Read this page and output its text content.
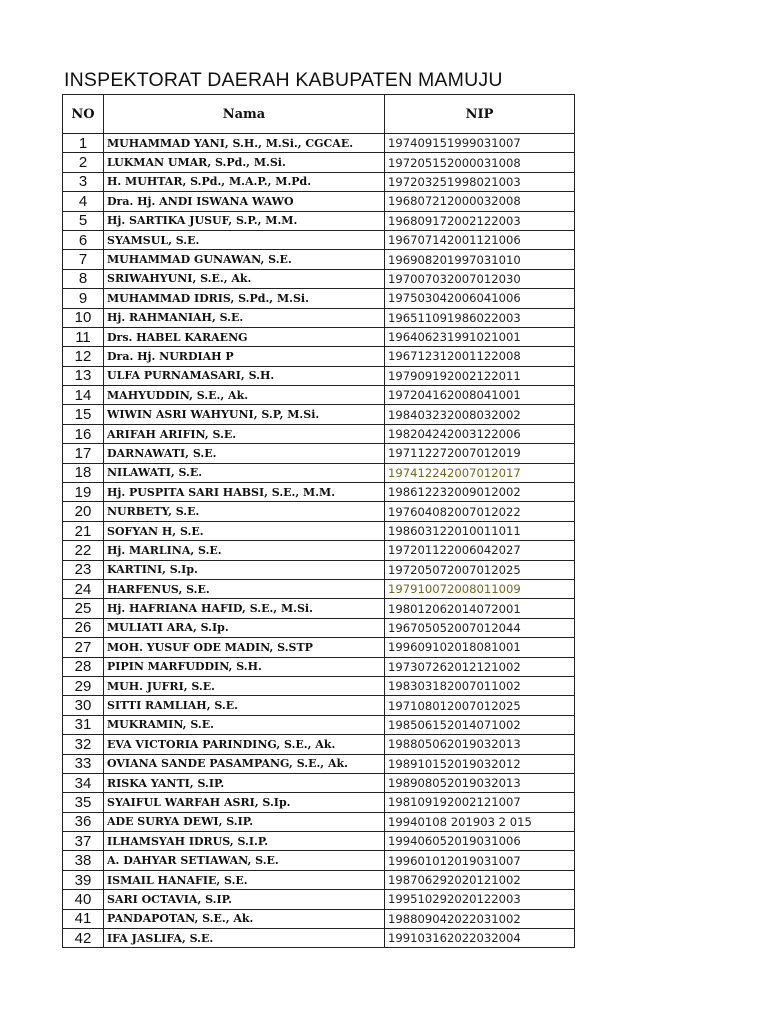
INSPEKTORAT DAERAH KABUPATEN MAMUJU
NO	Nama	NIP
1	MUHAMMAD YANI, S.H., M.Si., CGCAE.	197409151999031007
2	LUKMAN UMAR, S.Pd., M.Si.	197205152000031008
3	H. MUHTAR, S.Pd., M.A.P., M.Pd.	197203251998021003
4	Dra. Hj. ANDI ISWANA WAWO	196807212000032008
5	Hj. SARTIKA JUSUF, S.P., M.M.	196809172002122003
6	SYAMSUL, S.E.	196707142001121006
7	MUHAMMAD GUNAWAN, S.E.	196908201997031010
8	SRIWAHYUNI, S.E., Ak.	197007032007012030
9	MUHAMMAD IDRIS, S.Pd., M.Si.	197503042006041006
10	Hj. RAHMANIAH, S.E.	196511091986022003
11	Drs. HABEL KARAENG	196406231991021001
12	Dra. Hj. NURDIAH P	196712312001122008
13	ULFA PURNAMASARI, S.H.	197909192002122011
14	MAHYUDDIN, S.E., Ak.	197204162008041001
15	WIWIN ASRI WAHYUNI, S.P, M.Si.	198403232008032002
16	ARIFAH ARIFIN, S.E.	198204242003122006
17	DARNAWATI, S.E.	197112272007012019
18	NILAWATI, S.E.	197412242007012017
19	Hj. PUSPITA SARI HABSI, S.E., M.M.	198612232009012002
20	NURBETY, S.E.	197604082007012022
21	SOFYAN H, S.E.	198603122010011011
22	Hj. MARLINA, S.E.	197201122006042027
23	KARTINI, S.Ip.	197205072007012025
24	HARFENUS, S.E.	197910072008011009
25	Hj. HAFRIANA HAFID, S.E., M.Si.	198012062014072001
26	MULIATI ARA, S.Ip.	196705052007012044
27	MOH. YUSUF ODE MADIN, S.STP	199609102018081001
28	PIPIN MARFUDDIN, S.H.	197307262012121002
29	MUH. JUFRI, S.E.	198303182007011002
30	SITTI RAMLIAH, S.E.	197108012007012025
31	MUKRAMIN, S.E.	198506152014071002
32	EVA VICTORIA PARINDING, S.E., Ak.	198805062019032013
33	OVIANA SANDE PASAMPANG, S.E., Ak.	198910152019032012
34	RISKA YANTI, S.IP.	198908052019032013
35	SYAIFUL WARFAH ASRI, S.Ip.	198109192002121007
36	ADE SURYA DEWI, S.IP.	19940108 201903 2 015
37	ILHAMSYAH IDRUS, S.I.P.	199406052019031006
38	A. DAHYAR SETIAWAN, S.E.	199601012019031007
39	ISMAIL HANAFIE, S.E.	198706292020121002
40	SARI OCTAVIA, S.IP.	199510292020122003
41	PANDAPOTAN, S.E., Ak.	198809042022031002
42	IFA JASLIFA, S.E.	199103162022032004
